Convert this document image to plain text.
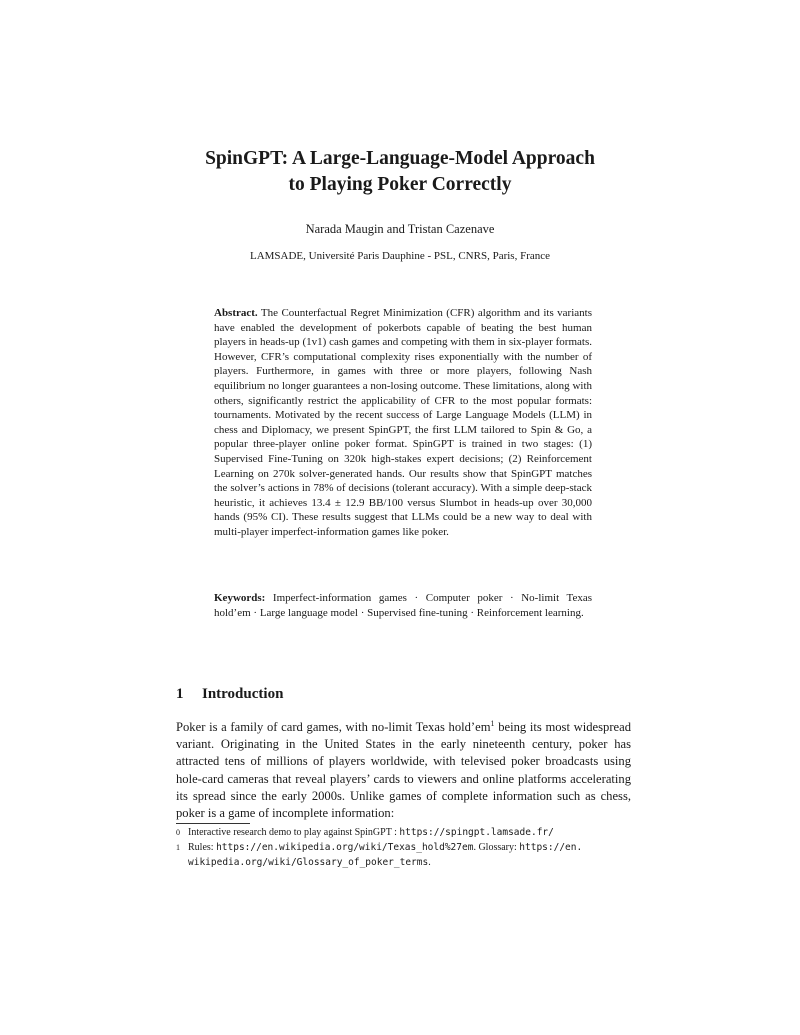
SpinGPT: A Large-Language-Model Approach
to Playing Poker Correctly
Narada Maugin and Tristan Cazenave
LAMSADE, Université Paris Dauphine - PSL, CNRS, Paris, France

Abstract. The Counterfactual Regret Minimization (CFR) algorithm and its variants have enabled the development of pokerbots capable of beating the best human players in heads-up (1v1) cash games and competing with them in six-player formats. However, CFR’s computational complexity rises exponentially with the number of players. Furthermore, in games with three or more players, following Nash equilibrium no longer guarantees a non-losing outcome. These limitations, along with others, significantly restrict the applicability of CFR to the most popular formats: tournaments. Motivated by the recent success of Large Language Models (LLM) in chess and Diplomacy, we present SpinGPT, the first LLM tailored to Spin & Go, a popular three-player online poker format. SpinGPT is trained in two stages: (1) Supervised Fine-Tuning on 320k high-stakes expert decisions; (2) Reinforcement Learning on 270k solver-generated hands. Our results show that SpinGPT matches the solver’s actions in 78% of decisions (tolerant accuracy). With a simple deep-stack heuristic, it achieves 13.4 ± 12.9 BB/100 versus Slumbot in heads-up over 30,000 hands (95% CI). These results suggest that LLMs could be a new way to deal with multi-player imperfect-information games like poker.

Keywords: Imperfect-information games · Computer poker · No-limit Texas hold’em · Large language model · Supervised fine-tuning · Reinforcement learning.

1 Introduction

Poker is a family of card games, with no-limit Texas $hold’em^1$ being its most widespread variant. Originating in the United States in the early nineteenth century, poker has attracted tens of millions of players worldwide, with televised poker broadcasts using hole-card cameras that reveal players’ cards to viewers and online platforms accelerating its spread since the early 2000s. Unlike games of complete information such as chess, poker is a game of incomplete information:

0 Interactive research demo to play against SpinGPT : https://spingpt.lamsade.fr/
1 Rules: https://en.wikipedia.org/wiki/Texas_hold%27em. Glossary: https://en.
wikipedia.org/wiki/Glossary_of_poker_terms.
